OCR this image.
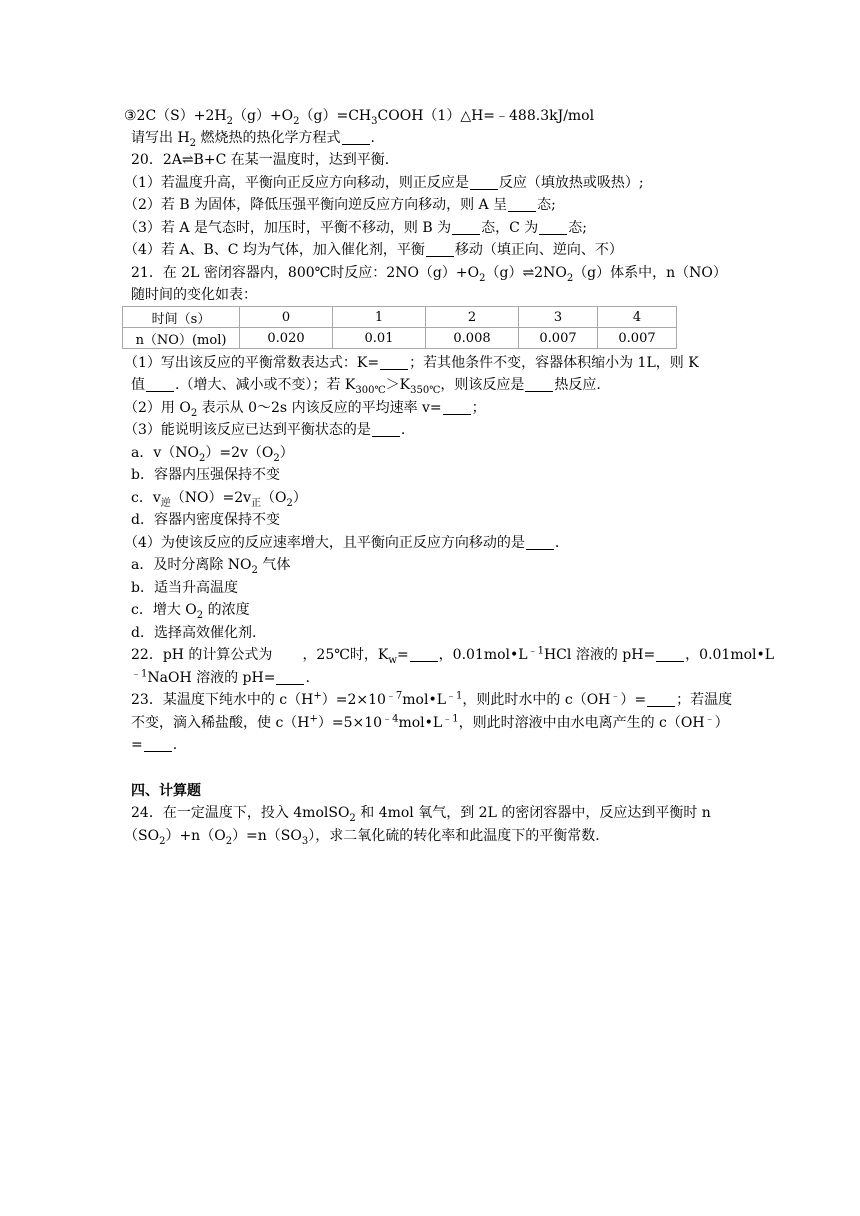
$③2C(S)+2H_2(g)+O_2(g)=CH_3COOH(1)\triangle H=﹣488.3kJ$/mol
请写出 $H_2$ 燃烧热的热化学方程式 .
20．2A⇌B+C 在某一温度时，达到平衡.
（1）若温度升高，平衡向正反应方向移动，则正反应是 反应（填放热或吸热）;
（2）若 B 为固体，降低压强平衡向逆反应方向移动，则 A 呈 态;
（3）若 A 是气态时，加压时，平衡不移动，则 B 为 态，C 为 态;
（4）若 A、B、C 均为气体，加入催化剂，平衡 移动（填正向、逆向、不）
21．在 2L 密闭容器内，800℃时反应：$2NO(g)+O_2(g)\rightleftharpoons 2NO_2(g)$体系中，n（NO）
随时间的变化如表：
时间（s）	0	1	2	3	4
n（NO）(mol)	0.020	0.01	0.008	0.007	0.007
（1）写出该反应的平衡常数表达式：K= ；若其他条件不变，容器体积缩小为 1L，则 K
值 .（增大、减小或不变）；若 $K_{300℃}>K_{350℃}$，则该反应是 热反应.
（2）用 $O_2$ 表示从 0～2s 内该反应的平均速率 v= ；
（3）能说明该反应已达到平衡状态的是 .
a．$v(NO_2)=2v(O_2)$
b．容器内压强保持不变
c．$v_逆(NO)=2v_正(O_2)$
d．容器内密度保持不变
（4）为使该反应的反应速率增大，且平衡向正反应方向移动的是 .
a．及时分离除 $NO_2$ 气体
b．适当升高温度
c．增大 $O_2$ 的浓度
d．选择高效催化剂.
22．pH 的计算公式为 ，25℃时，$K_w=$ ，$0.01mol•L^{﹣1}HCl$ 溶液的 pH= ，0.01mol•L
$^{﹣1}$NaOH 溶液的 pH= .
23．某温度下纯水中的 $c(H^+)=2\times 10^{﹣7}mol•L^{﹣1}$，则此时水中的 c（OH﹣）= ；若温度
不变，滴入稀盐酸，使 $c(H^+)=5\times 10^{﹣4}mol•L^{﹣1}$，则此时溶液中由水电离产生的 c（OH﹣）
= .
四、计算题
24．在一定温度下，投入 4molSO$_2$ 和 4mol 氧气，到 2L 的密闭容器中，反应达到平衡时 n
$(SO_2)+n(O_2)=n(SO_3)$，求二氧化硫的转化率和此温度下的平衡常数.
